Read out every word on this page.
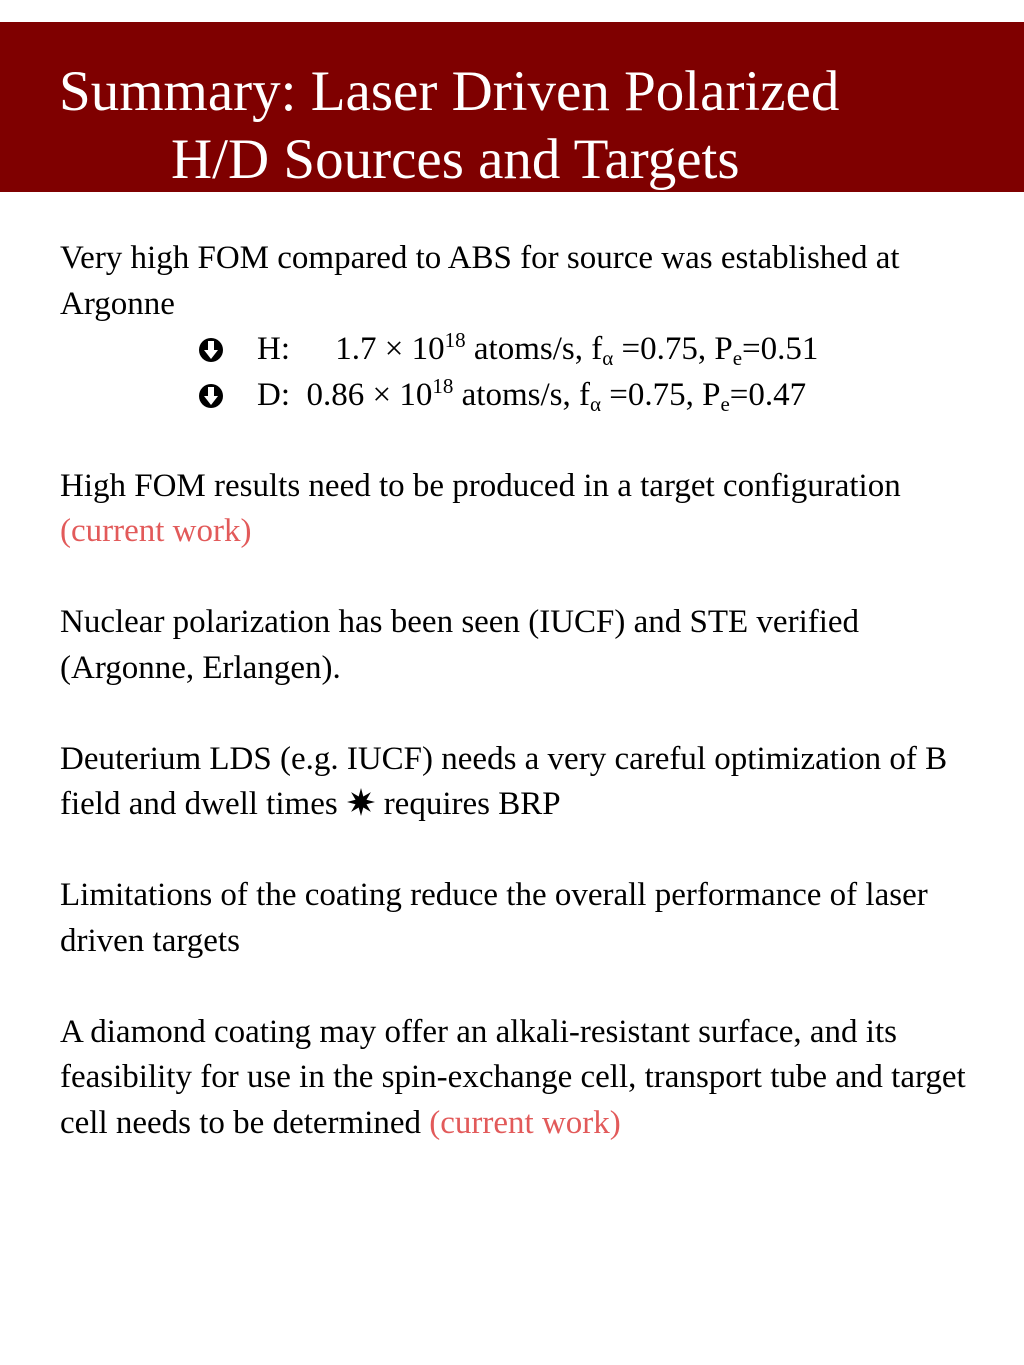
Summary: Laser Driven Polarized
H/D Sources and Targets

Very high FOM compared to ABS for source was established at Argonne
H: $1.7 \times 10^{18}$ atoms/s, $f_\alpha =0.75$, $P_e=0.51$
D: $0.86 \times 10^{18}$ atoms/s, $f_\alpha =0.75$, $P_e=0.47$

High FOM results need to be produced in a target configuration (current work)

Nuclear polarization has been seen (IUCF) and STE verified (Argonne, Erlangen).

Deuterium LDS (e.g. IUCF) needs a very careful optimization of B field and dwell times requires BRP

Limitations of the coating reduce the overall performance of laser driven targets

A diamond coating may offer an alkali-resistant surface, and its feasibility for use in the spin-exchange cell, transport tube and target cell needs to be determined (current work)
